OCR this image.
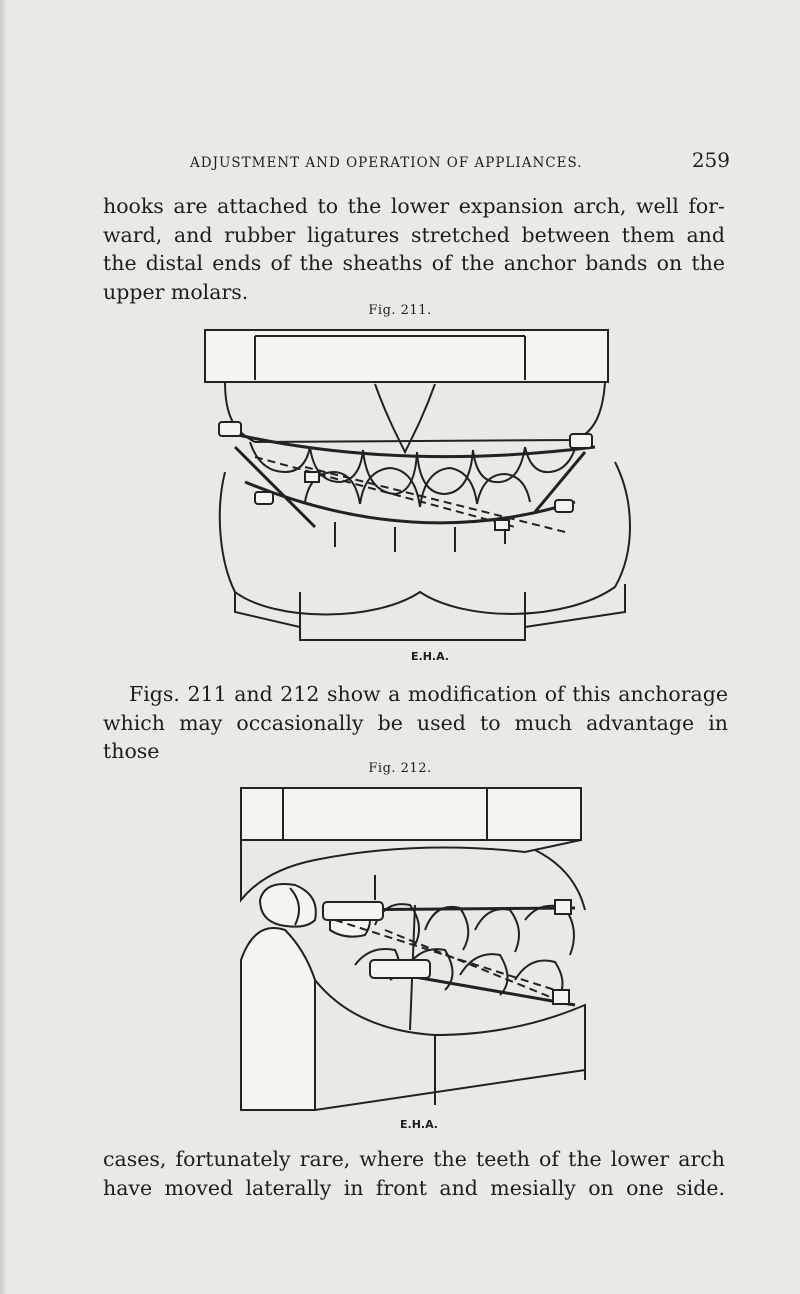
ADJUSTMENT AND OPERATION OF APPLIANCES.	259
hooks are attached to the lower expansion arch, well for-
ward, and rubber ligatures stretched between them and
the distal ends of the sheaths of the anchor bands on the
upper molars.
Fig. 211.
E.H.A.
Figs. 211 and 212 show a modification of this anchorage
which may occasionally be used to much advantage in those
Fig. 212.
E.H.A.
cases, fortunately rare, where the teeth of the lower arch
have moved laterally in front and mesially on one side.
